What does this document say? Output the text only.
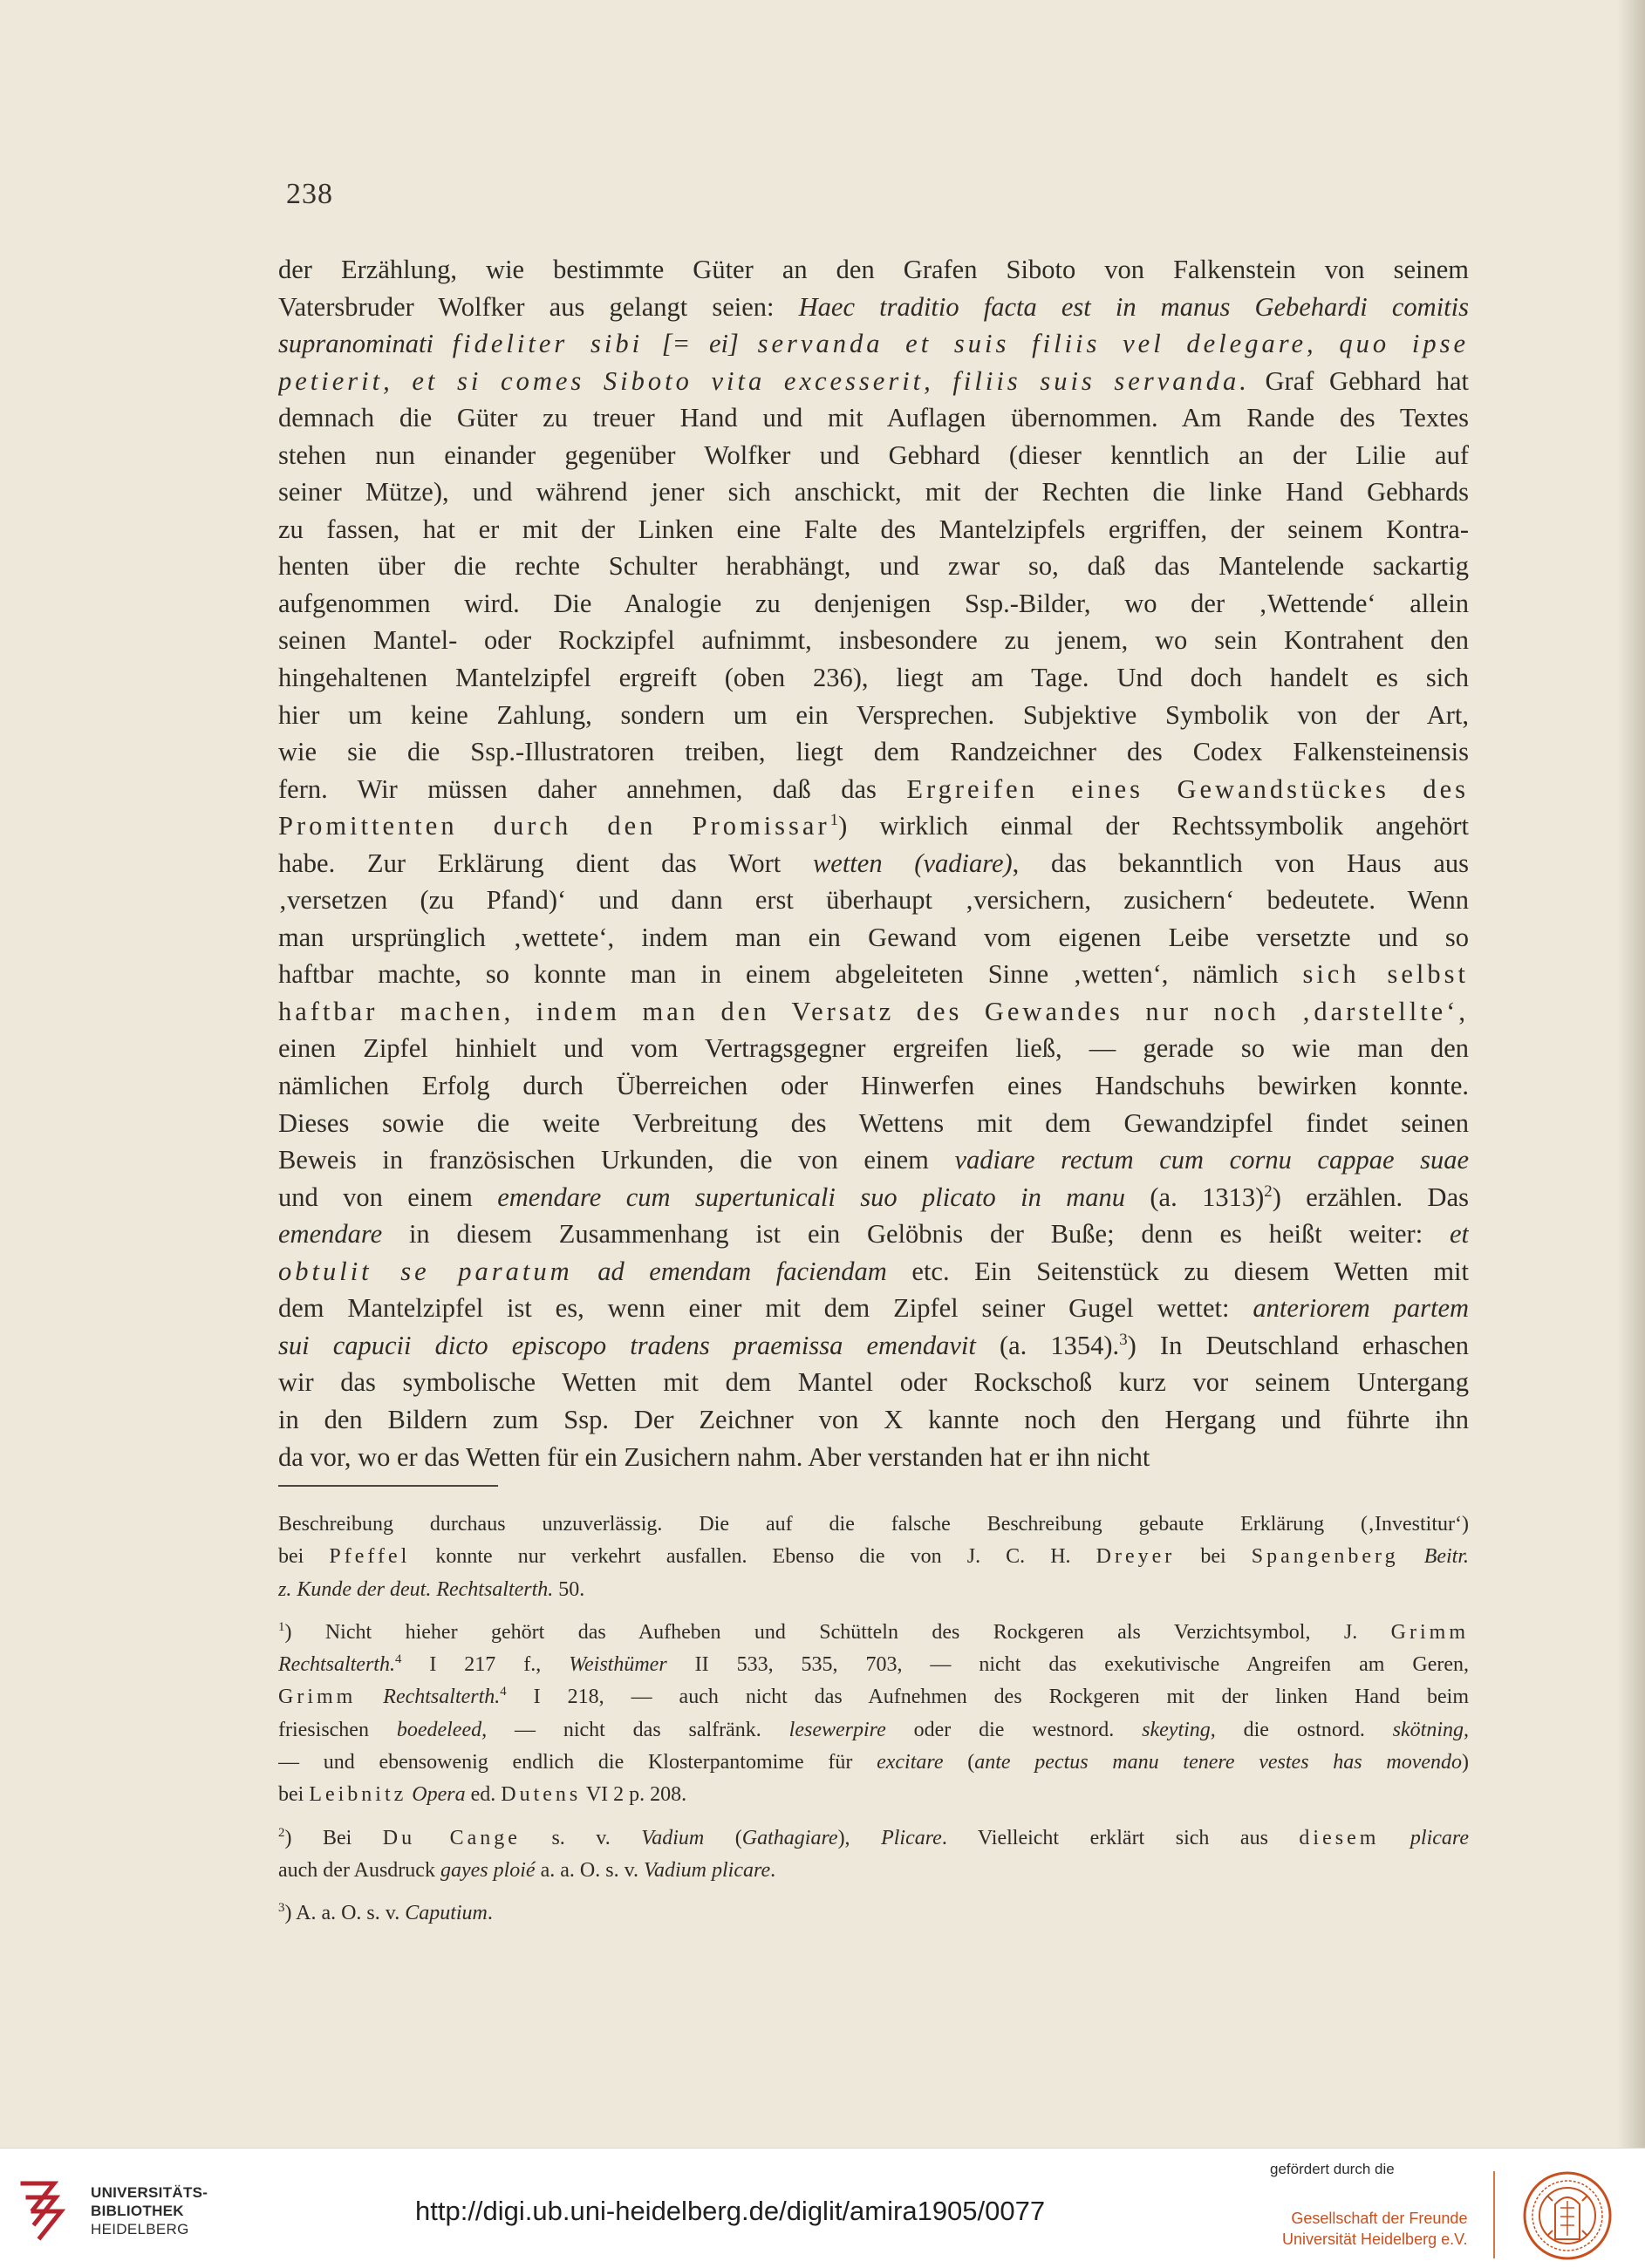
238
der Erzählung, wie bestimmte Güter an den Grafen Siboto von Falkenstein von seinem
Vatersbruder Wolfker aus gelangt seien: Haec traditio facta est in manus Gebehardi comitis
supranominati fideliter sibi [= ei] servanda et suis filiis vel delegare, quo ipse
petierit, et si comes Siboto vita excesserit, filiis suis servanda. Graf Gebhard hat
demnach die Güter zu treuer Hand und mit Auflagen übernommen. Am Rande des Textes
stehen nun einander gegenüber Wolfker und Gebhard (dieser kenntlich an der Lilie auf
seiner Mütze), und während jener sich anschickt, mit der Rechten die linke Hand Gebhards
zu fassen, hat er mit der Linken eine Falte des Mantelzipfels ergriffen, der seinem Kontra-
henten über die rechte Schulter herabhängt, und zwar so, daß das Mantelende sackartig
aufgenommen wird. Die Analogie zu denjenigen Ssp.-Bilder, wo der ‚Wettende‘ allein
seinen Mantel- oder Rockzipfel aufnimmt, insbesondere zu jenem, wo sein Kontrahent den
hingehaltenen Mantelzipfel ergreift (oben 236), liegt am Tage. Und doch handelt es sich
hier um keine Zahlung, sondern um ein Versprechen. Subjektive Symbolik von der Art,
wie sie die Ssp.-Illustratoren treiben, liegt dem Randzeichner des Codex Falkensteinensis
fern. Wir müssen daher annehmen, daß das Ergreifen eines Gewandstückes des
Promittenten durch den Promissar$^1$) wirklich einmal der Rechtssymbolik angehört
habe. Zur Erklärung dient das Wort wetten (vadiare), das bekanntlich von Haus aus
‚versetzen (zu Pfand)‘ und dann erst überhaupt ‚versichern, zusichern‘ bedeutete. Wenn
man ursprünglich ‚wettete‘, indem man ein Gewand vom eigenen Leibe versetzte und so
haftbar machte, so konnte man in einem abgeleiteten Sinne ‚wetten‘, nämlich sich selbst
haftbar machen, indem man den Versatz des Gewandes nur noch ‚darstellte‘,
einen Zipfel hinhielt und vom Vertragsgegner ergreifen ließ, — gerade so wie man den
nämlichen Erfolg durch Überreichen oder Hinwerfen eines Handschuhs bewirken konnte.
Dieses sowie die weite Verbreitung des Wettens mit dem Gewandzipfel findet seinen
Beweis in französischen Urkunden, die von einem vadiare rectum cum cornu cappae suae
und von einem emendare cum supertunicali suo plicato in manu (a. 1313)$^2$) erzählen. Das
emendare in diesem Zusammenhang ist ein Gelöbnis der Buße; denn es heißt weiter: et
obtulit se paratum ad emendam faciendam etc. Ein Seitenstück zu diesem Wetten mit
dem Mantelzipfel ist es, wenn einer mit dem Zipfel seiner Gugel wettet: anteriorem partem
sui capucii dicto episcopo tradens praemissa emendavit (a. 1354).$^3$) In Deutschland erhaschen
wir das symbolische Wetten mit dem Mantel oder Rockschoß kurz vor seinem Untergang
in den Bildern zum Ssp. Der Zeichner von X kannte noch den Hergang und führte ihn
da vor, wo er das Wetten für ein Zusichern nahm. Aber verstanden hat er ihn nicht
Beschreibung durchaus unzuverlässig. Die auf die falsche Beschreibung gebaute Erklärung (‚Investitur‘)
bei Pfeffel konnte nur verkehrt ausfallen. Ebenso die von J. C. H. Dreyer bei Spangenberg Beitr.
z. Kunde der deut. Rechtsalterth. 50.
$^1$) Nicht hieher gehört das Aufheben und Schütteln des Rockgeren als Verzichtsymbol, J. Grimm
Rechtsalterth.$^4$ I 217 f., Weisthümer II 533, 535, 703, — nicht das exekutivische Angreifen am Geren,
Grimm Rechtsalterth.$^4$ I 218, — auch nicht das Aufnehmen des Rockgeren mit der linken Hand beim
friesischen boedeleed, — nicht das salfränk. lesewerpire oder die westnord. skeyting, die ostnord. skötning,
— und ebensowenig endlich die Klosterpantomime für excitare (ante pectus manu tenere vestes has movendo)
bei Leibnitz Opera ed. Dutens VI 2 p. 208.
$^2$) Bei Du Cange s. v. Vadium (Gathagiare), Plicare. Vielleicht erklärt sich aus diesem plicare
auch der Ausdruck gayes ploié a. a. O. s. v. Vadium plicare.
$^3$) A. a. O. s. v. Caputium.
UNIVERSITÄTS-
BIBLIOTHEK
HEIDELBERG
http://digi.ub.uni-heidelberg.de/diglit/amira1905/0077
gefördert durch die
Gesellschaft der Freunde
Universität Heidelberg e.V.
